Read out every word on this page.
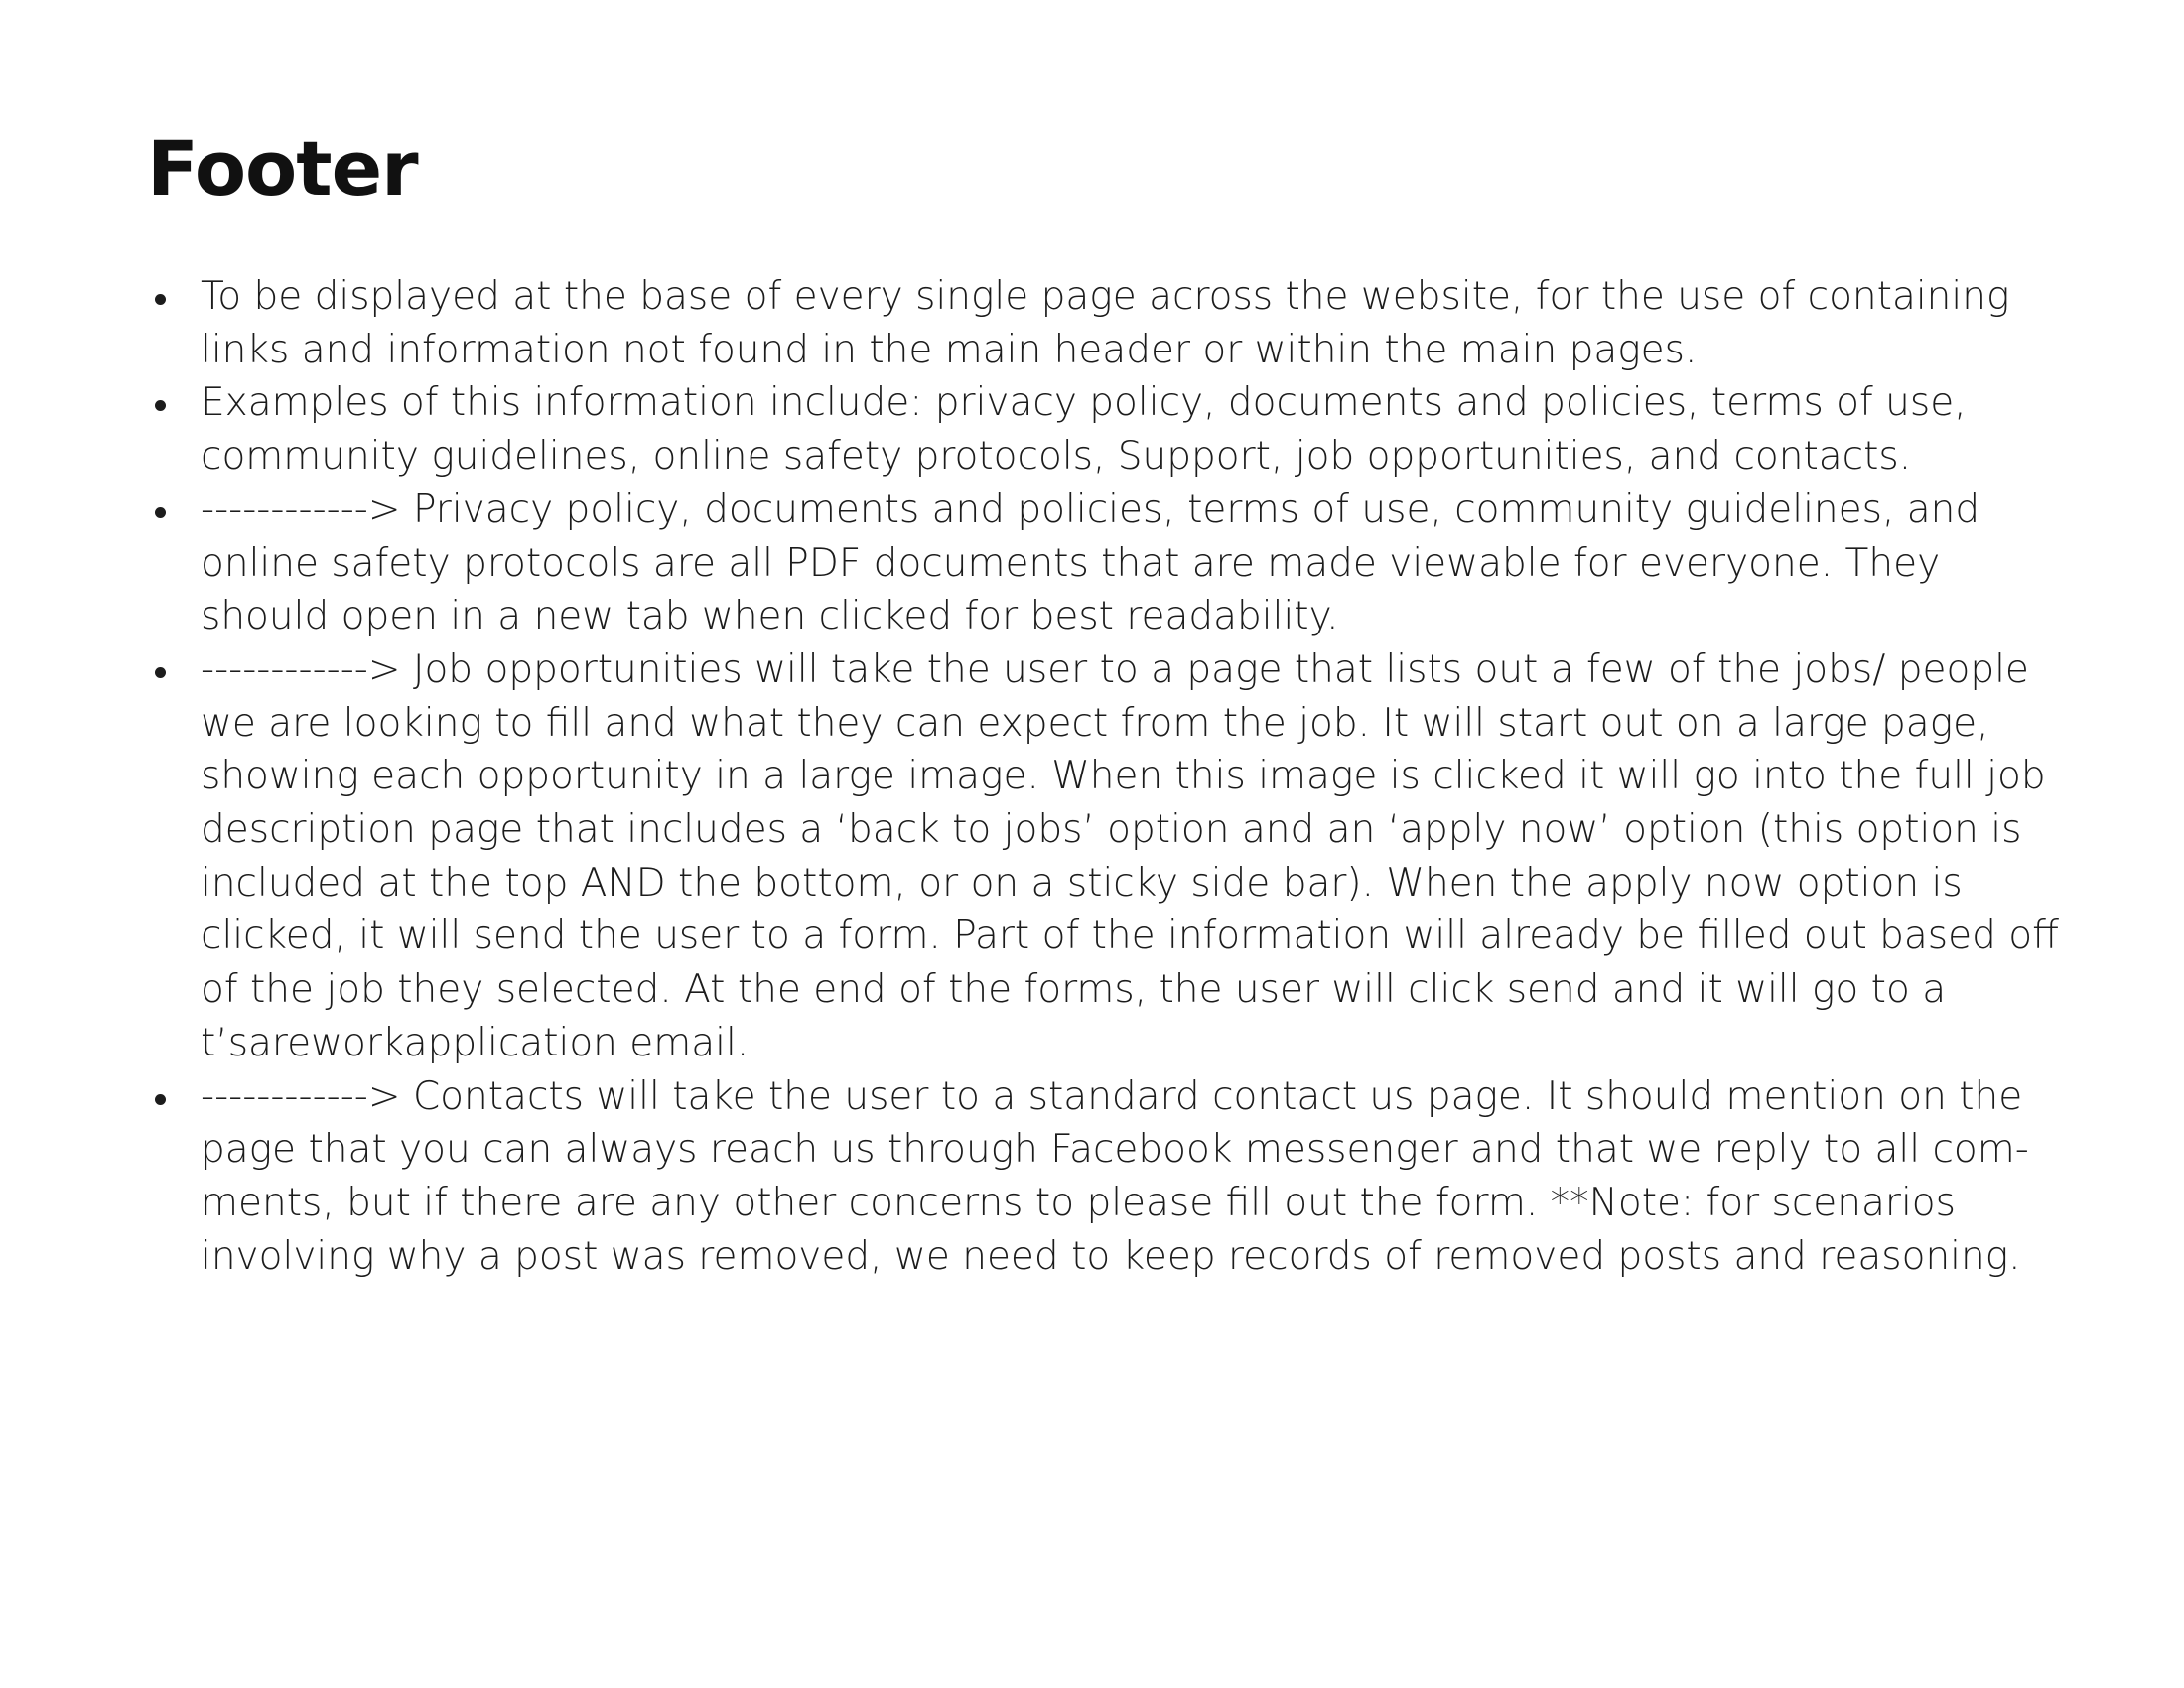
Footer
To be displayed at the base of every single page across the website, for the use of containing links and information not found in the main header or within the main pages.
Examples of this information include: privacy policy, documents and policies, terms of use, community guidelines, online safety protocols, Support, job opportunities, and contacts.
------------> Privacy policy, documents and policies, terms of use, community guidelines, and online safety protocols are all PDF documents that are made viewable for everyone. They should open in a new tab when clicked for best readability.
------------> Job opportunities will take the user to a page that lists out a few of the jobs/ people we are looking to fill and what they can expect from the job. It will start out on a large page, showing each opportunity in a large image. When this image is clicked it will go into the full job description page that includes a ‘back to jobs’ option and an ‘apply now’ option (this option is included at the top AND the bottom, or on a sticky side bar). When the apply now option is clicked, it will send the user to a form. Part of the information will already be filled out based off of the job they selected. At the end of the forms, the user will click send and it will go to a t’sareworkapplication email.
------------> Contacts will take the user to a standard contact us page. It should mention on the page that you can always reach us through Facebook messenger and that we reply to all com-ments, but if there are any other concerns to please fill out the form. **Note: for scenarios involving why a post was removed, we need to keep records of removed posts and reasoning.
